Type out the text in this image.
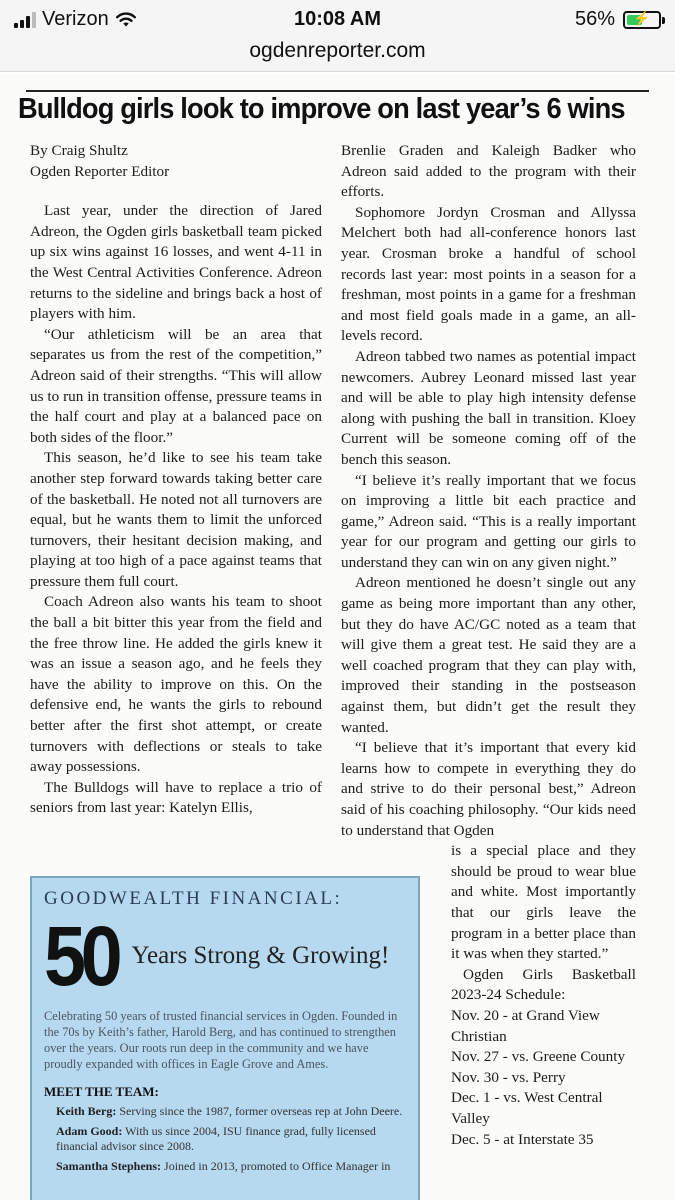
Verizon	10:08 AM	56%	⚡
ogdenreporter.com
Bulldog girls look to improve on last year’s 6 wins

By Craig Shultz

Ogden Reporter Editor

Last year, under the direction of Jared Adreon, the Ogden girls basketball team picked up six wins against 16 losses, and went 4-11 in the West Central Activities Conference. Adreon returns to the sideline and brings back a host of players with him.

“Our athleticism will be an area that separates us from the rest of the competition,” Adreon said of their strengths. “This will allow us to run in transition offense, pressure teams in the half court and play at a balanced pace on both sides of the floor.”

This season, he’d like to see his team take another step forward towards taking better care of the basketball. He noted not all turnovers are equal, but he wants them to limit the unforced turnovers, their hesitant decision making, and playing at too high of a pace against teams that pressure them full court.

Coach Adreon also wants his team to shoot the ball a bit bitter this year from the field and the free throw line. He added the girls knew it was an issue a season ago, and he feels they have the ability to improve on this. On the defensive end, he wants the girls to rebound better after the first shot attempt, or create turnovers with deflections or steals to take away possessions.

The Bulldogs will have to replace a trio of seniors from last year: Katelyn Ellis,

Brenlie Graden and Kaleigh Badker who Adreon said added to the program with their efforts.

Sophomore Jordyn Crosman and Allyssa Melchert both had all-conference honors last year. Crosman broke a handful of school records last year: most points in a season for a freshman, most points in a game for a freshman and most field goals made in a game, an all-levels record.

Adreon tabbed two names as potential impact newcomers. Aubrey Leonard missed last year and will be able to play high intensity defense along with pushing the ball in transition. Kloey Current will be someone coming off of the bench this season.

“I believe it’s really important that we focus on improving a little bit each practice and game,” Adreon said. “This is a really important year for our program and getting our girls to understand they can win on any given night.”

Adreon mentioned he doesn’t single out any game as being more important than any other, but they do have AC/GC noted as a team that will give them a great test. He said they are a well coached program that they can play with, improved their standing in the postseason against them, but didn’t get the result they wanted.

“I believe that it’s important that every kid learns how to compete in everything they do and strive to do their personal best,” Adreon said of his coaching philosophy. “Our kids need to understand that Ogden

is a special place and they should be proud to wear blue and white. Most importantly that our girls leave the program in a better place than it was when they started.”

Ogden Girls Basketball 2023-24 Schedule:

Nov. 20 - at Grand View Christian

Nov. 27 - vs. Greene County

Nov. 30 - vs. Perry

Dec. 1 - vs. West Central Valley

Dec. 5 - at Interstate 35

GOODWEALTH FINANCIAL:
50 Years Strong & Growing!
Celebrating 50 years of trusted financial services in Ogden. Founded in the 70s by Keith’s father, Harold Berg, and has continued to strengthen over the years. Our roots run deep in the community and we have proudly expanded with offices in Eagle Grove and Ames.
MEET THE TEAM:
Keith Berg: Serving since the 1987, former overseas rep at John Deere.
Adam Good: With us since 2004, ISU finance grad, fully licensed financial advisor since 2008.
Samantha Stephens: Joined in 2013, promoted to Office Manager in
